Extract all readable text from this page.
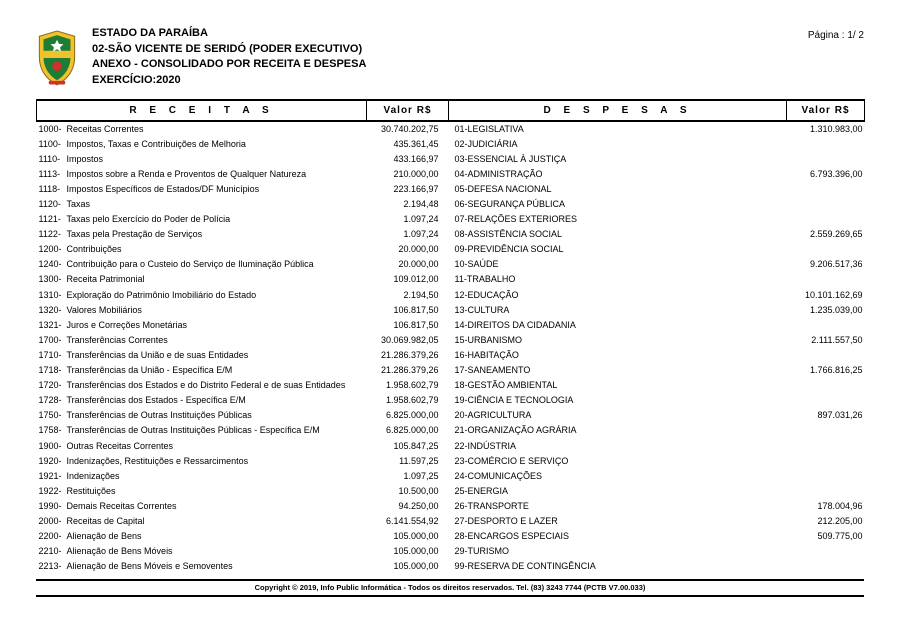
ESTADO DA PARAÍBA
02-SÃO VICENTE DE SERIDÓ (PODER EXECUTIVO)
ANEXO - CONSOLIDADO POR RECEITA E DESPESA
EXERCÍCIO:2020
Página : 1/ 2
R E C E I T A S	Valor R$	D E S P E S A S	Valor R$
1000- Receitas Correntes	30.740.202,75	01-LEGISLATIVA	1.310.983,00
1100- Impostos, Taxas e Contribuições de Melhoria	435.361,45	02-JUDICIÁRIA	
1110- Impostos	433.166,97	03-ESSENCIAL À JUSTIÇA	
1113- Impostos sobre a Renda e Proventos de Qualquer Natureza	210.000,00	04-ADMINISTRAÇÃO	6.793.396,00
1118- Impostos Específicos de Estados/DF Municípios	223.166,97	05-DEFESA NACIONAL	
1120- Taxas	2.194,48	06-SEGURANÇA PÚBLICA	
1121- Taxas pelo Exercício do Poder de Polícia	1.097,24	07-RELAÇÕES EXTERIORES	
1122- Taxas pela Prestação de Serviços	1.097,24	08-ASSISTÊNCIA SOCIAL	2.559.269,65
1200- Contribuições	20.000,00	09-PREVIDÊNCIA SOCIAL	
1240- Contribuição para o Custeio do Serviço de Iluminação Pública	20.000,00	10-SAÚDE	9.206.517,36
1300- Receita Patrimonial	109.012,00	11-TRABALHO	
1310- Exploração do Patrimônio Imobiliário do Estado	2.194,50	12-EDUCAÇÃO	10.101.162,69
1320- Valores Mobiliários	106.817,50	13-CULTURA	1.235.039,00
1321- Juros e Correções Monetárias	106.817,50	14-DIREITOS DA CIDADANIA	
1700- Transferências Correntes	30.069.982,05	15-URBANISMO	2.111.557,50
1710- Transferências da União e de suas Entidades	21.286.379,26	16-HABITAÇÃO	
1718- Transferências da União - Específica E/M	21.286.379,26	17-SANEAMENTO	1.766.816,25
1720- Transferências dos Estados e do Distrito Federal e de suas Entidades	1.958.602,79	18-GESTÃO AMBIENTAL	
1728- Transferências dos Estados - Específica E/M	1.958.602,79	19-CIÊNCIA E TECNOLOGIA	
1750- Transferências de Outras Instituições Públicas	6.825.000,00	20-AGRICULTURA	897.031,26
1758- Transferências de Outras Instituições Públicas - Específica E/M	6.825.000,00	21-ORGANIZAÇÃO AGRÁRIA	
1900- Outras Receitas Correntes	105.847,25	22-INDÚSTRIA	
1920- Indenizações, Restituições e Ressarcimentos	11.597,25	23-COMÉRCIO E SERVIÇO	
1921- Indenizações	1.097,25	24-COMUNICAÇÕES	
1922- Restituições	10.500,00	25-ENERGIA	
1990- Demais Receitas Correntes	94.250,00	26-TRANSPORTE	178.004,96
2000- Receitas de Capital	6.141.554,92	27-DESPORTO E LAZER	212.205,00
2200- Alienação de Bens	105.000,00	28-ENCARGOS ESPECIAIS	509.775,00
2210- Alienação de Bens Móveis	105.000,00	29-TURISMO	
2213- Alienação de Bens Móveis e Semoventes	105.000,00	99-RESERVA DE CONTINGÊNCIA	
Copyright © 2019, Info Public Informática - Todos os direitos reservados. Tel. (83) 3243 7744 (PCTB V7.00.033)
